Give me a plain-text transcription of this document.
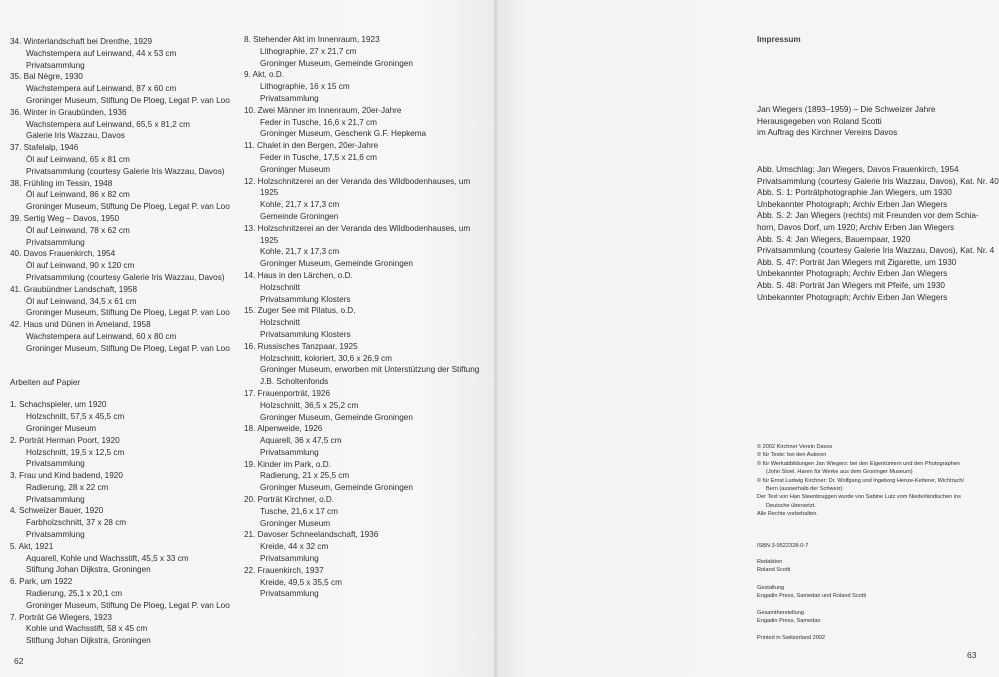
34. Winterlandschaft bei Drenthe, 1929
Wachstempera auf Leinwand, 44 x 53 cm
Privatsammlung
35. Bal Nègre, 1930
Wachstempera auf Leinwand, 87 x 60 cm
Groninger Museum, Stiftung De Ploeg, Legat P. van Loo
36. Winter in Graubünden, 1936
Wachstempera auf Leinwand, 65,5 x 81,2 cm
Galerie Iris Wazzau, Davos
37. Stafelalp, 1946
Öl auf Leinwand, 65 x 81 cm
Privatsammlung (courtesy Galerie Iris Wazzau, Davos)
38. Frühling im Tessin, 1948
Öl auf Leinwand, 86 x 82 cm
Groninger Museum, Stiftung De Ploeg, Legat P. van Loo
39. Sertig Weg – Davos, 1950
Öl auf Leinwand, 78 x 62 cm
Privatsammlung
40. Davos Frauenkirch, 1954
Öl auf Leinwand, 90 x 120 cm
Privatsammlung (courtesy Galerie Iris Wazzau, Davos)
41. Graubündner Landschaft, 1958
Öl auf Leinwand, 34,5 x 61 cm
Groninger Museum, Stiftung De Ploeg, Legat P. van Loo
42. Haus und Dünen in Ameland, 1958
Wachstempera auf Leinwand, 60 x 80 cm
Groninger Museum, Stiftung De Ploeg, Legat P. van Loo
Arbeiten auf Papier
1. Schachspieler, um 1920
Holzschnitt, 57,5 x 45,5 cm
Groninger Museum
2. Porträt Herman Poort, 1920
Holzschnitt, 19,5 x 12,5 cm
Privatsammlung
3. Frau und Kind badend, 1920
Radierung, 28 x 22 cm
Privatsammlung
4. Schweizer Bauer, 1920
Farbholzschnitt, 37 x 28 cm
Privatsammlung
5. Akt, 1921
Aquarell, Kohle und Wachsstift, 45,5 x 33 cm
Stiftung Johan Dijkstra, Groningen
6. Park, um 1922
Radierung, 25,1 x 20,1 cm
Groninger Museum, Stiftung De Ploeg, Legat P. van Loo
7. Porträt Gé Wiegers, 1923
Kohle und Wachsstift, 58 x 45 cm
Stiftung Johan Dijkstra, Groningen
8. Stehender Akt im Innenraum, 1923
Lithographie, 27 x 21,7 cm
Groninger Museum, Gemeinde Groningen
9. Akt, o.D.
Lithographie, 16 x 15 cm
Privatsammlung
10. Zwei Männer im Innenraum, 20er-Jahre
Feder in Tusche, 16,6 x 21,7 cm
Groninger Museum, Geschenk G.F. Hepkema
11. Chalet in den Bergen, 20er-Jahre
Feder in Tusche, 17,5 x 21,6 cm
Groninger Museum
12. Holzschnitzerei an der Veranda des Wildbodenhauses, um
1925
Kohle, 21,7 x 17,3 cm
Gemeinde Groningen
13. Holzschnitzerei an der Veranda des Wildbodenhauses, um
1925
Kohle, 21,7 x 17,3 cm
Groninger Museum, Gemeinde Groningen
14. Haus in den Lärchen, o.D.
Holzschnitt
Privatsammlung Klosters
15. Zuger See mit Pilatus, o.D.
Holzschnitt
Privatsammlung Klosters
16. Russisches Tanzpaar, 1925
Holzschnitt, koloriert, 30,6 x 26,9 cm
Groninger Museum, erworben mit Unterstützung der Stiftung
J.B. Scholtenfonds
17. Frauenporträt, 1926
Holzschnitt, 36,5 x 25,2 cm
Groninger Museum, Gemeinde Groningen
18. Alpenweide, 1926
Aquarell, 36 x 47,5 cm
Privatsammlung
19. Kinder im Park, o.D.
Radierung, 21 x 25,5 cm
Groninger Museum, Gemeinde Groningen
20. Porträt Kirchner, o.D.
Tusche, 21,6 x 17 cm
Groninger Museum
21. Davoser Schneelandschaft, 1936
Kreide, 44 x 32 cm
Privatsammlung
22. Frauenkirch, 1937
Kreide, 49,5 x 35,5 cm
Privatsammlung
62
Impressum
Jan Wiegers (1893–1959) – Die Schweizer Jahre
Herausgegeben von Roland Scotti
im Auftrag des Kirchner Vereins Davos
Abb. Umschlag: Jan Wiegers, Davos Frauenkirch, 1954
Privatsammlung (courtesy Galerie Iris Wazzau, Davos), Kat. Nr. 40
Abb. S. 1: Porträtphotographie Jan Wiegers, um 1930
Unbekannter Photograph; Archiv Erben Jan Wiegers
Abb. S. 2: Jan Wiegers (rechts) mit Freunden vor dem Schia-
horn, Davos Dorf, um 1920; Archiv Erben Jan Wiegers
Abb. S. 4: Jan Wiegers, Bauernpaar, 1920
Privatsammlung (courtesy Galerie Iris Wazzau, Davos), Kat. Nr. 4
Abb. S. 47: Porträt Jan Wiegers mit Zigarette, um 1930
Unbekannter Photograph; Archiv Erben Jan Wiegers
Abb. S. 48: Porträt Jan Wiegers mit Pfeife, um 1930
Unbekannter Photograph; Archiv Erben Jan Wiegers
© 2002 Kirchner Verein Davos
© für Texte: bei den Autoren
© für Werkabbildungen Jan Wiegers: bei den Eigentümern und den Photographen
(John Stoel, Haren für Werke aus dem Groninger Museum)
© für Ernst Ludwig Kirchner: Dr. Wolfgang und Ingeborg Henze-Ketterer, Wichtrach/
Bern (ausserhalb der Schweiz)
Der Text von Han Steenbruggen wurde von Sabine Lutz vom Niederländischen ins
Deutsche übersetzt.
Alle Rechte vorbehalten.
ISBN 3-9522328-0-7
Redaktion
Roland Scotti
Gestaltung
Engadin Press, Samedan und Roland Scotti
Gesamtherstellung
Engadin Press, Samedan
Printed in Switzerland 2002
63
